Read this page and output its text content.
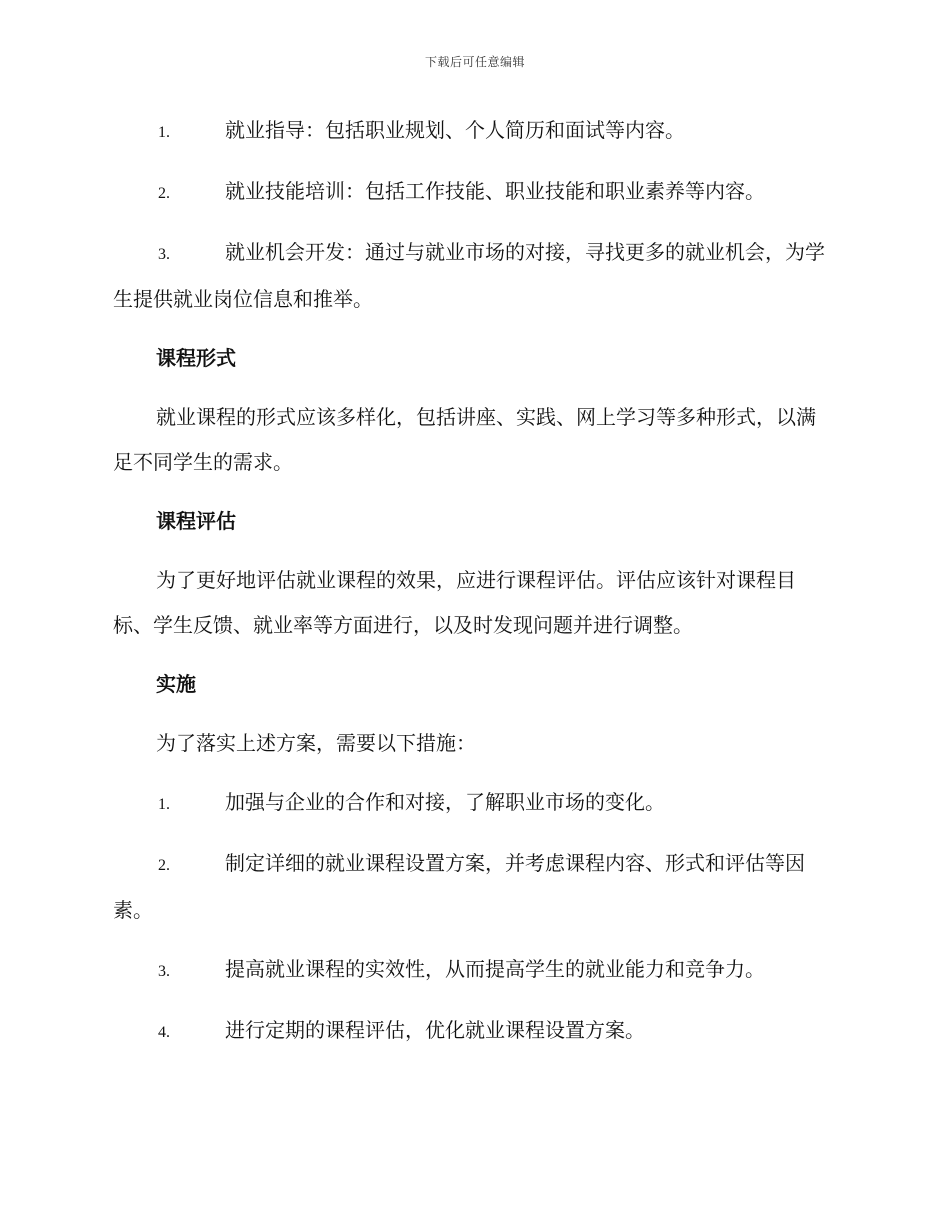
下载后可任意编辑

1.	就业指导：包括职业规划、个人简历和面试等内容。

2.	就业技能培训：包括工作技能、职业技能和职业素养等内容。

3.	就业机会开发：通过与就业市场的对接，寻找更多的就业机会，为学生提供就业岗位信息和推举。

课程形式

就业课程的形式应该多样化，包括讲座、实践、网上学习等多种形式，以满足不同学生的需求。

课程评估

为了更好地评估就业课程的效果，应进行课程评估。评估应该针对课程目标、学生反馈、就业率等方面进行，以及时发现问题并进行调整。

实施

为了落实上述方案，需要以下措施：

1.	加强与企业的合作和对接，了解职业市场的变化。

2.	制定详细的就业课程设置方案，并考虑课程内容、形式和评估等因素。

3.	提高就业课程的实效性，从而提高学生的就业能力和竞争力。

4.	进行定期的课程评估，优化就业课程设置方案。
